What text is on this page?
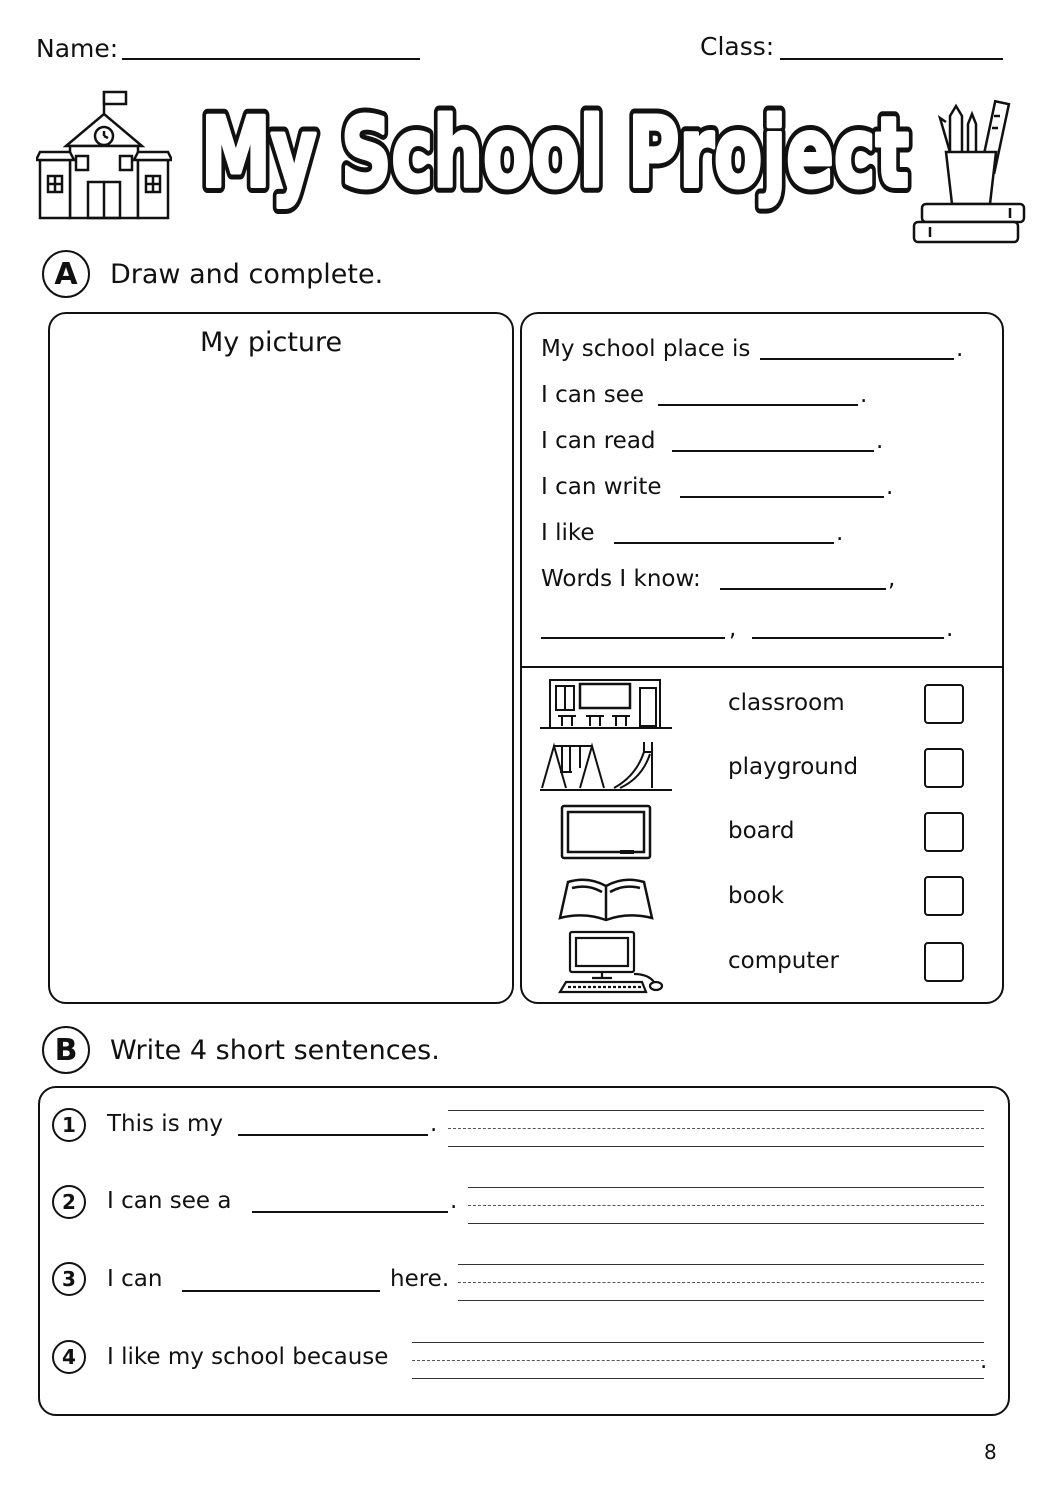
Name:	Class:
My School Project
My School Project
A	Draw and complete.
My picture	My school place is	.
I can see	.
I can read	.
I can write	.
I like	.
Words I know:	,
,	.
classroom
playground
board
book
computer
B	Write 4 short sentences.
1	This is my	.
2	I can see a	.
3	I can	here.
4	I like my school because	.
8
